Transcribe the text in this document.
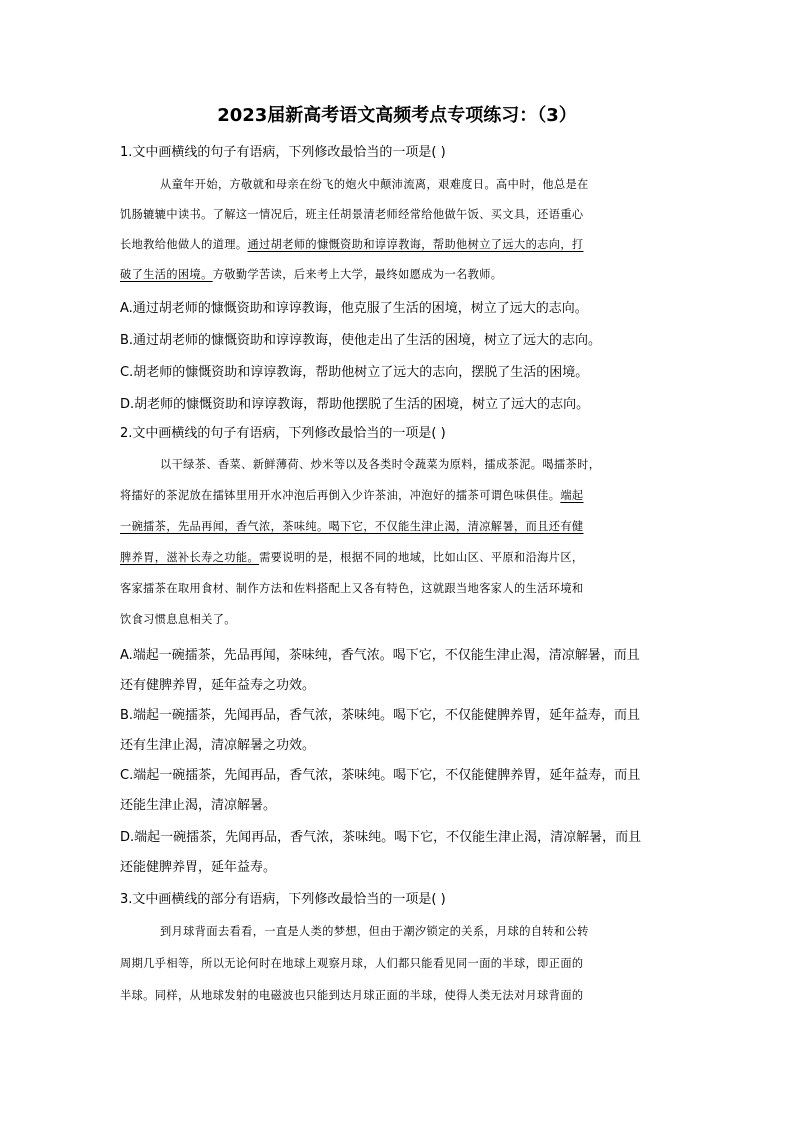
2023届新高考语文高频考点专项练习：（3）
1.文中画横线的句子有语病，下列修改最恰当的一项是( )
从童年开始，方敬就和母亲在纷飞的炮火中颠沛流离，艰难度日。高中时，他总是在
饥肠辘辘中读书。了解这一情况后，班主任胡景清老师经常给他做午饭、买文具，还语重心
长地教给他做人的道理。通过胡老师的慷慨资助和谆谆教诲，帮助他树立了远大的志向，打
破了生活的困境。方敬勤学苦读，后来考上大学，最终如愿成为一名教师。
A.通过胡老师的慷慨资助和谆谆教诲，他克服了生活的困境，树立了远大的志向。
B.通过胡老师的慷慨资助和谆谆教诲，使他走出了生活的困境，树立了远大的志向。
C.胡老师的慷慨资助和谆谆教诲，帮助他树立了远大的志向，摆脱了生活的困境。
D.胡老师的慷慨资助和谆谆教诲，帮助他摆脱了生活的困境，树立了远大的志向。
2.文中画横线的句子有语病，下列修改最恰当的一项是( )
以干绿茶、香菜、新鲜薄荷、炒米等以及各类时令蔬菜为原料，擂成茶泥。喝擂茶时，
将擂好的茶泥放在擂钵里用开水冲泡后再倒入少许茶油，冲泡好的擂茶可谓色味俱佳。端起
一碗擂茶，先品再闻，香气浓，茶味纯。喝下它，不仅能生津止渴，清凉解暑，而且还有健
脾养胃，滋补长寿之功能。需要说明的是，根据不同的地域，比如山区、平原和沿海片区，
客家擂茶在取用食材、制作方法和佐料搭配上又各有特色，这就跟当地客家人的生活环境和
饮食习惯息息相关了。
A.端起一碗擂茶，先品再闻，茶味纯，香气浓。喝下它，不仅能生津止渴，清凉解暑，而且
还有健脾养胃，延年益寿之功效。
B.端起一碗擂茶，先闻再品，香气浓，茶味纯。喝下它，不仅能健脾养胃，延年益寿，而且
还有生津止渴，清凉解暑之功效。
C.端起一碗擂茶，先闻再品，香气浓，茶味纯。喝下它，不仅能健脾养胃，延年益寿，而且
还能生津止渴，清凉解暑。
D.端起一碗擂茶，先闻再品，香气浓，茶味纯。喝下它，不仅能生津止渴，清凉解暑，而且
还能健脾养胃，延年益寿。
3.文中画横线的部分有语病，下列修改最恰当的一项是( )
到月球背面去看看，一直是人类的梦想，但由于潮汐锁定的关系，月球的自转和公转
周期几乎相等，所以无论何时在地球上观察月球，人们都只能看见同一面的半球，即正面的
半球。同样，从地球发射的电磁波也只能到达月球正面的半球，使得人类无法对月球背面的
